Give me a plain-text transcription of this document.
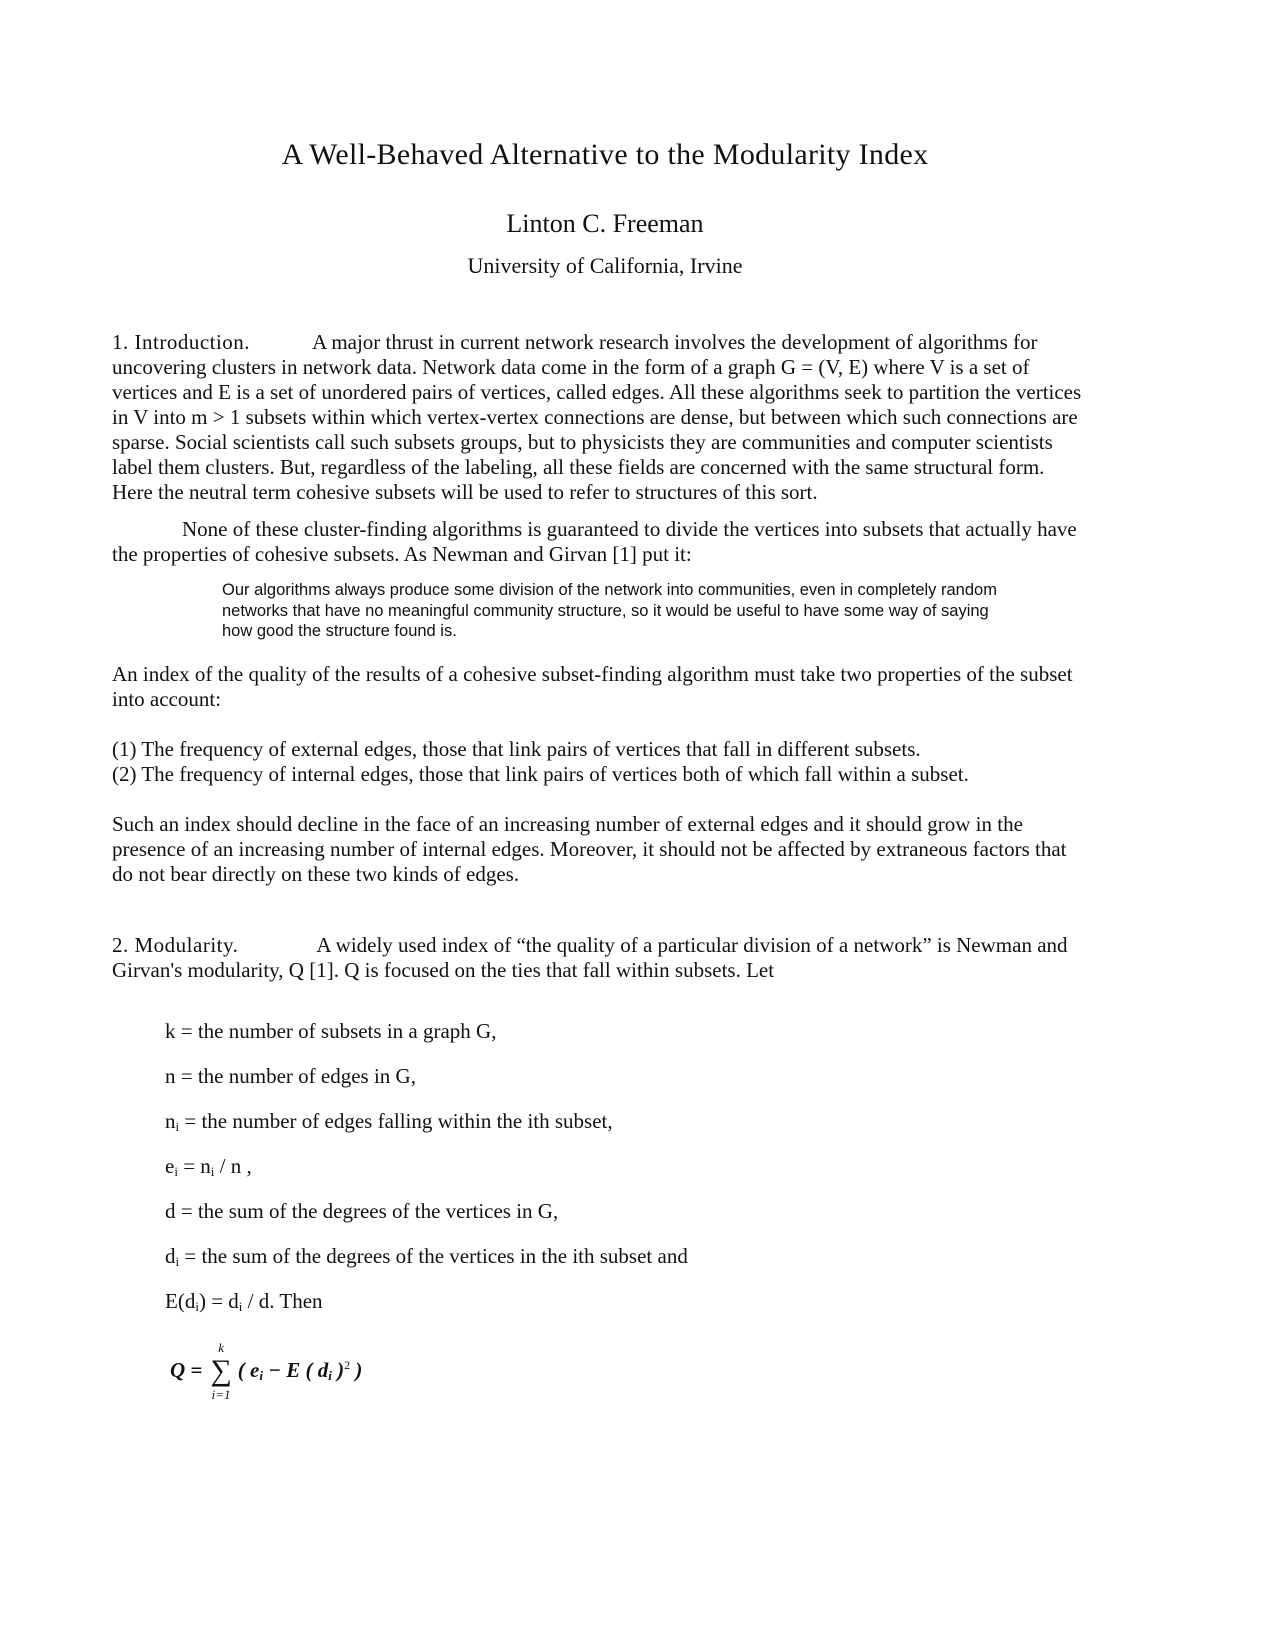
A Well-Behaved Alternative to the Modularity Index
Linton C. Freeman
University of California, Irvine
1. Introduction.	A major thrust in current network research involves the development of algorithms for uncovering clusters in network data. Network data come in the form of a graph G = (V, E) where V is a set of vertices and E is a set of unordered pairs of vertices, called edges. All these algorithms seek to partition the vertices in V into m > 1 subsets within which vertex-vertex connections are dense, but between which such connections are sparse. Social scientists call such subsets groups, but to physicists they are communities and computer scientists label them clusters. But, regardless of the labeling, all these fields are concerned with the same structural form. Here the neutral term cohesive subsets will be used to refer to structures of this sort.
None of these cluster-finding algorithms is guaranteed to divide the vertices into subsets that actually have the properties of cohesive subsets. As Newman and Girvan [1] put it:
Our algorithms always produce some division of the network into communities, even in completely random networks that have no meaningful community structure, so it would be useful to have some way of saying how good the structure found is.
An index of the quality of the results of a cohesive subset-finding algorithm must take two properties of the subset into account:
(1) The frequency of external edges, those that link pairs of vertices that fall in different subsets.
(2) The frequency of internal edges, those that link pairs of vertices both of which fall within a subset.
Such an index should decline in the face of an increasing number of external edges and it should grow in the presence of an increasing number of internal edges. Moreover, it should not be affected by extraneous factors that do not bear directly on these two kinds of edges.
2. Modularity.	A widely used index of “the quality of a particular division of a network” is Newman and Girvan's modularity, Q [1]. Q is focused on the ties that fall within subsets. Let
k = the number of subsets in a graph G,
n = the number of edges in G,
$n_i$ = the number of edges falling within the ith subset,
$e_i = n_i / n$ ,
d = the sum of the degrees of the vertices in G,
$d_i$ = the sum of the degrees of the vertices in the ith subset and
$E(d_i) = d_i / d$. Then
Q =
k
∑
i=1
( $e_i - E$ ( $d_i$ )$^2$ )
